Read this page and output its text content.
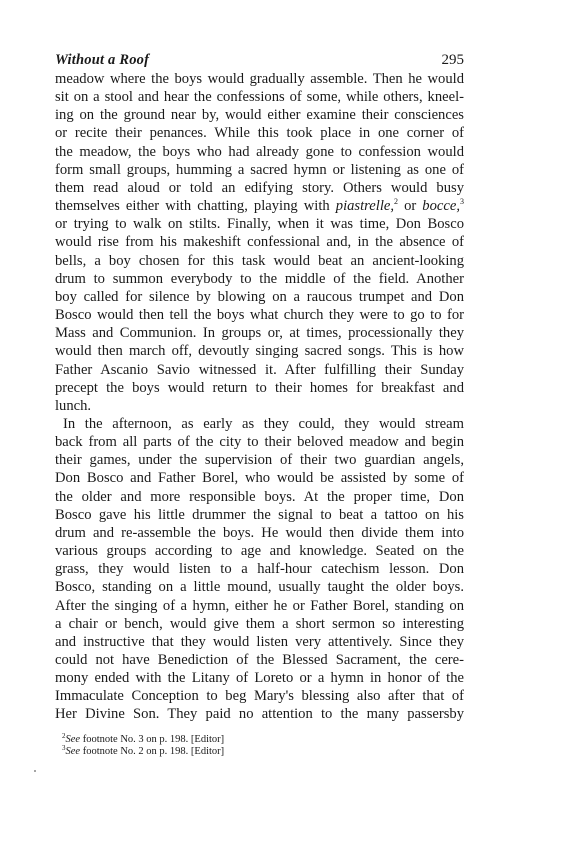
Without a Roof	295
meadow where the boys would gradually assemble. Then he would
sit on a stool and hear the confessions of some, while others, kneel-
ing on the ground near by, would either examine their consciences
or recite their penances. While this took place in one corner of
the meadow, the boys who had already gone to confession would
form small groups, humming a sacred hymn or listening as one of
them read aloud or told an edifying story. Others would busy
themselves either with chatting, playing with piastrelle,$^2$ or bocce,$^3$
or trying to walk on stilts. Finally, when it was time, Don Bosco
would rise from his makeshift confessional and, in the absence of
bells, a boy chosen for this task would beat an ancient-looking
drum to summon everybody to the middle of the field. Another
boy called for silence by blowing on a raucous trumpet and Don
Bosco would then tell the boys what church they were to go to for
Mass and Communion. In groups or, at times, processionally they
would then march off, devoutly singing sacred songs. This is how
Father Ascanio Savio witnessed it. After fulfilling their Sunday
precept the boys would return to their homes for breakfast and
lunch.
In the afternoon, as early as they could, they would stream
back from all parts of the city to their beloved meadow and begin
their games, under the supervision of their two guardian angels,
Don Bosco and Father Borel, who would be assisted by some of
the older and more responsible boys. At the proper time, Don
Bosco gave his little drummer the signal to beat a tattoo on his
drum and re-assemble the boys. He would then divide them into
various groups according to age and knowledge. Seated on the
grass, they would listen to a half-hour catechism lesson. Don
Bosco, standing on a little mound, usually taught the older boys.
After the singing of a hymn, either he or Father Borel, standing on
a chair or bench, would give them a short sermon so interesting
and instructive that they would listen very attentively. Since they
could not have Benediction of the Blessed Sacrament, the cere-
mony ended with the Litany of Loreto or a hymn in honor of the
Immaculate Conception to beg Mary's blessing also after that of
Her Divine Son. They paid no attention to the many passersby
$^2$See footnote No. 3 on p. 198. [Editor]
$^3$See footnote No. 2 on p. 198. [Editor]
